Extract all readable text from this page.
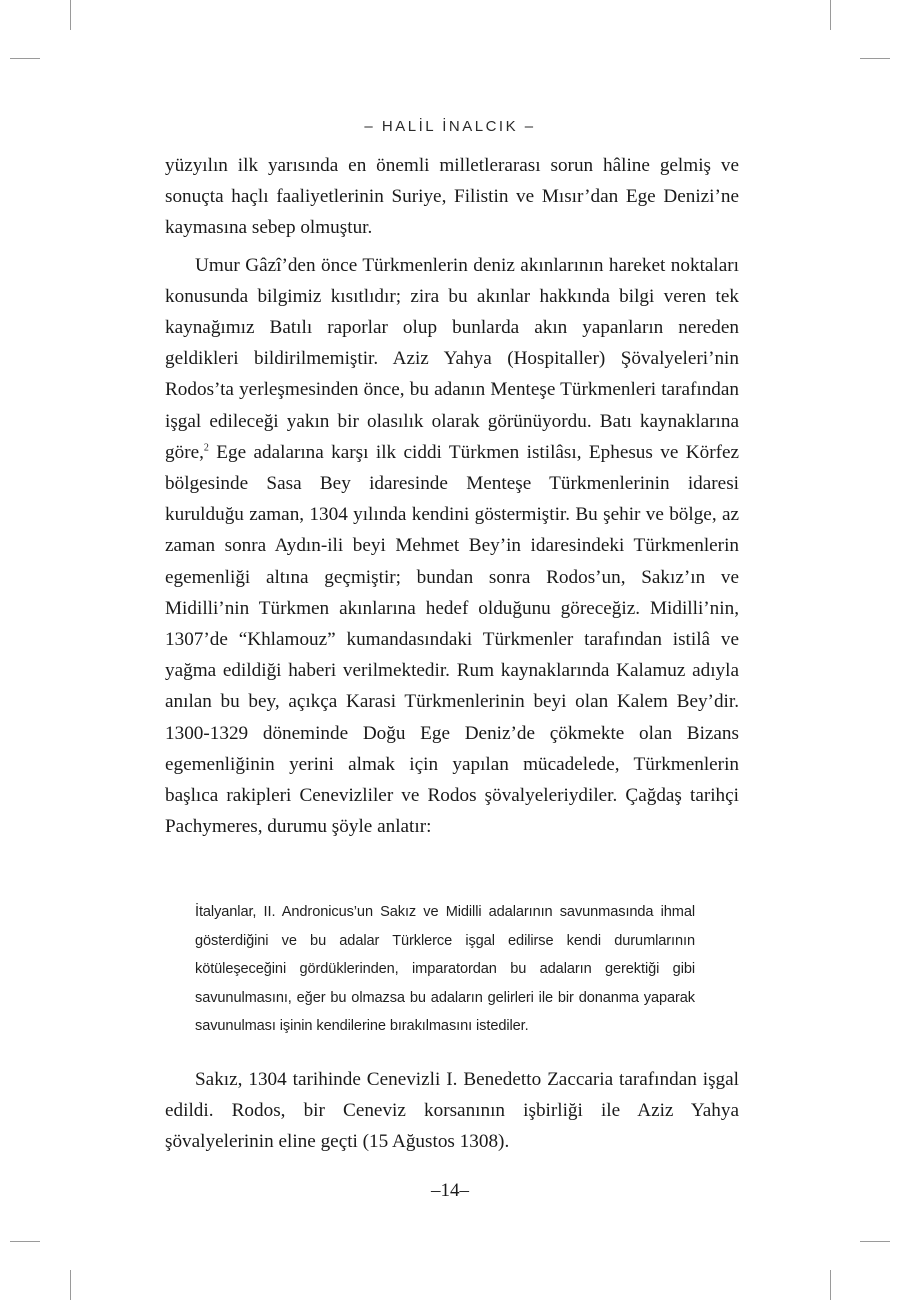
– HALİL İNALCIK –

yüzyılın ilk yarısında en önemli milletlerarası sorun hâline gelmiş ve sonuçta haçlı faaliyetlerinin Suriye, Filistin ve Mısır’dan Ege Denizi’ne kaymasına sebep olmuştur.

Umur Gâzî’den önce Türkmenlerin deniz akınlarının hareket noktaları konusunda bilgimiz kısıtlıdır; zira bu akınlar hakkında bilgi veren tek kaynağımız Batılı raporlar olup bunlarda akın yapanların nereden geldikleri bildirilmemiştir. Aziz Yahya (Hospitaller) Şövalyeleri’nin Rodos’ta yerleşmesinden önce, bu adanın Menteşe Türkmenleri tarafından işgal edileceği yakın bir olasılık olarak görünüyordu. Batı kaynaklarına göre,$^2$ Ege adalarına karşı ilk ciddi Türkmen istilâsı, Ephesus ve Körfez bölgesinde Sasa Bey idaresinde Menteşe Türkmenlerinin idaresi kurulduğu zaman, 1304 yılında kendini göstermiştir. Bu şehir ve bölge, az zaman sonra Aydın-ili beyi Mehmet Bey’in idaresindeki Türkmenlerin egemenliği altına geçmiştir; bundan sonra Rodos’un, Sakız’ın ve Midilli’nin Türkmen akınlarına hedef olduğunu göreceğiz. Midilli’nin, 1307’de “Khlamouz” kumandasındaki Türkmenler tarafından istilâ ve yağma edildiği haberi verilmektedir. Rum kaynaklarında Kalamuz adıyla anılan bu bey, açıkça Karasi Türkmenlerinin beyi olan Kalem Bey’dir. 1300-1329 döneminde Doğu Ege Deniz’de çökmekte olan Bizans egemenliğinin yerini almak için yapılan mücadelede, Türkmenlerin başlıca rakipleri Cenevizliler ve Rodos şövalyeleriydiler. Çağdaş tarihçi Pachymeres, durumu şöyle anlatır:

İtalyanlar, II. Andronicus’un Sakız ve Midilli adalarının savunmasında ihmal gösterdiğini ve bu adalar Türklerce işgal edilirse kendi durumlarının kötüleşeceğini gördüklerinden, imparatordan bu adaların gerektiği gibi savunulmasını, eğer bu olmazsa bu adaların gelirleri ile bir donanma yaparak savunulması işinin kendilerine bırakılmasını istediler.

Sakız, 1304 tarihinde Cenevizli I. Benedetto Zaccaria tarafından işgal edildi. Rodos, bir Ceneviz korsanının işbirliği ile Aziz Yahya şövalyelerinin eline geçti (15 Ağustos 1308).

–14–
